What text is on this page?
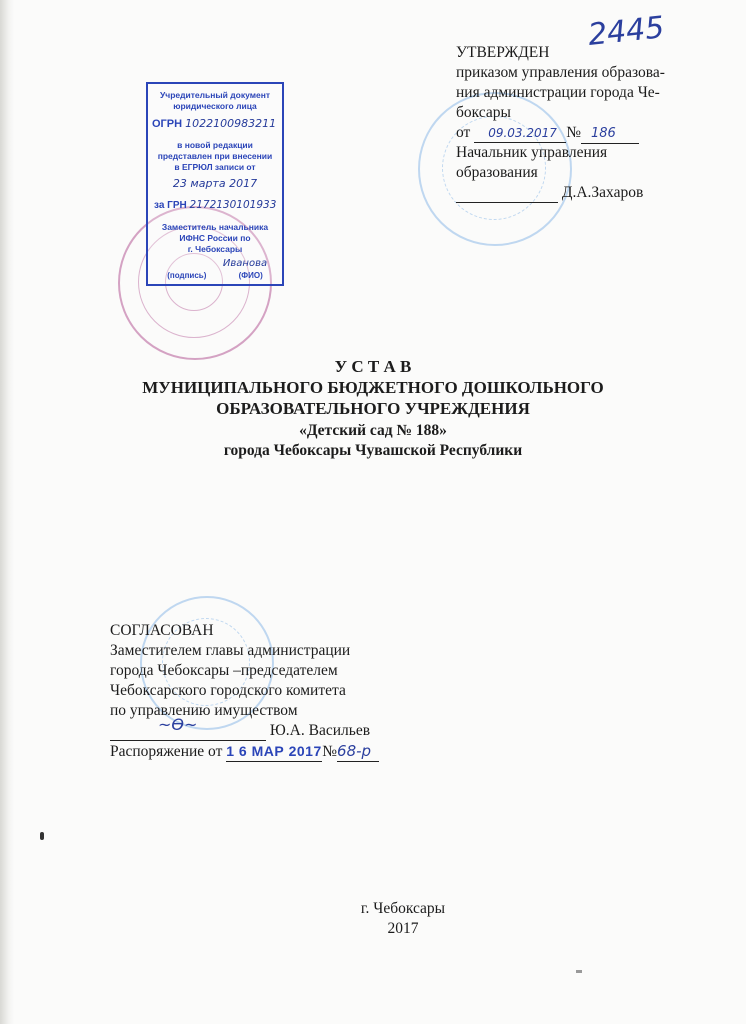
2445
УТВЕРЖДЕН
приказом управления образова-
ния администрации города Че-
боксары
от 09.03.2017 № 186
Начальник управления
образования
Д.А.Захаров
Учредительный документ
юридического лица
ОГРН 1022100983211
в новой редакции
представлен при внесении
в ЕГРЮЛ записи от
23 марта 2017
за ГРН 2172130101933
Заместитель начальника
ИФНС России по
г. Чебоксары
Иванова
(подпись)	(ФИО)
У С Т А В
МУНИЦИПАЛЬНОГО БЮДЖЕТНОГО ДОШКОЛЬНОГО
ОБРАЗОВАТЕЛЬНОГО УЧРЕЖДЕНИЯ
«Детский сад № 188»
города Чебоксары Чувашской Республики
СОГЛАСОВАН
Заместителем главы администрации
города Чебоксары –председателем
Чебоксарского городского комитета
по управлению имуществом
~Ѳ~	Ю.А. Васильев
Распоряжение от 1 6 МАР 2017№68-р
г. Чебоксары
2017
